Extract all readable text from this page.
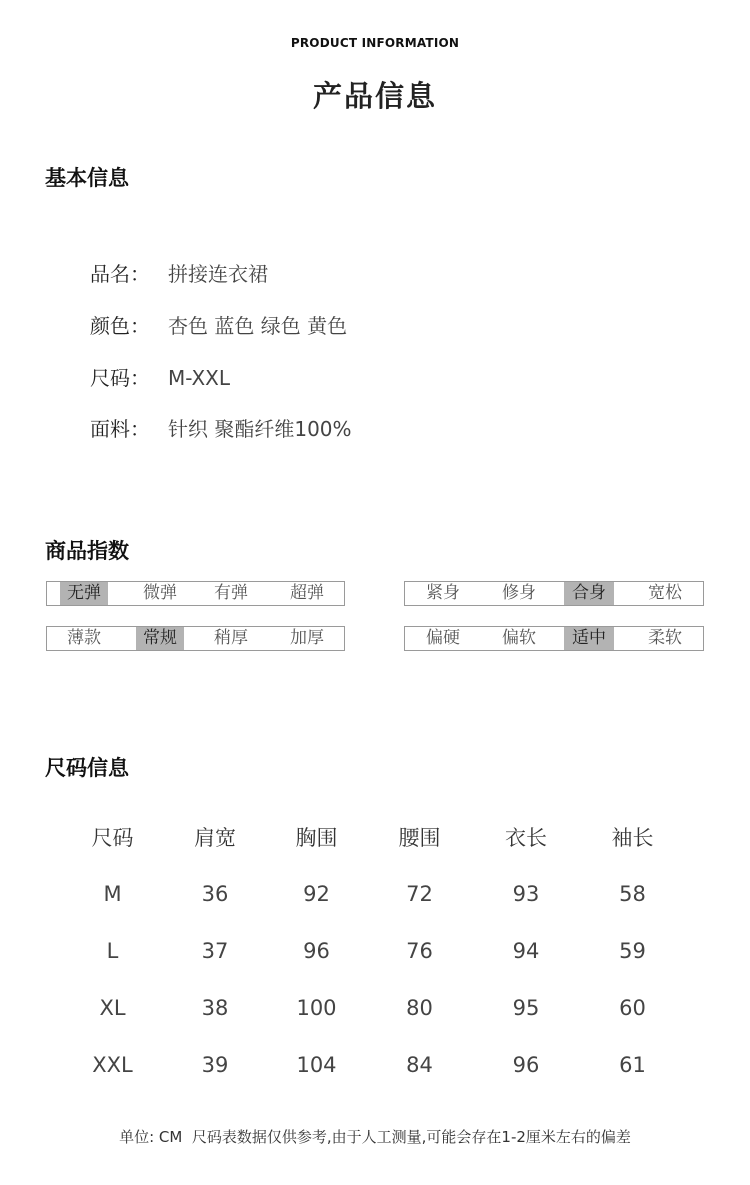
PRODUCT INFORMATION
产品信息
基本信息
品名： 拼接连衣裙
颜色： 杏色 蓝色 绿色 黄色
尺码： M-XXL
面料： 针织 聚酯纤维100%
商品指数
无弹	微弹	有弹	超弹	紧身	修身	合身	宽松
薄款	常规	稍厚	加厚	偏硬	偏软	适中	柔软
尺码信息
尺码	肩宽	胸围	腰围	衣长	袖长
M	36	92	72	93	58
L	37	96	76	94	59
XL	38	100	80	95	60
XXL	39	104	84	96	61
单位: CM  尺码表数据仅供参考,由于人工测量,可能会存在1-2厘米左右的偏差
